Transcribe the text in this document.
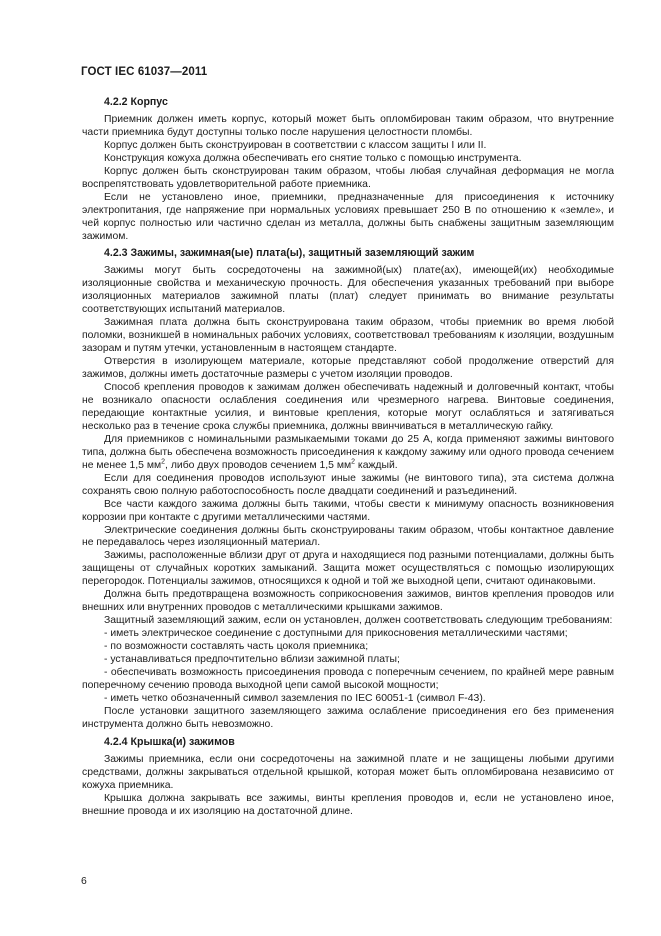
ГОСТ IEC 61037—2011
4.2.2 Корпус
Приемник должен иметь корпус, который может быть опломбирован таким образом, что внутренние части приемника будут доступны только после нарушения целостности пломбы.
Корпус должен быть сконструирован в соответствии с классом защиты I или II.
Конструкция кожуха должна обеспечивать его снятие только с помощью инструмента.
Корпус должен быть сконструирован таким образом, чтобы любая случайная деформация не могла воспрепятствовать удовлетворительной работе приемника.
Если не установлено иное, приемники, предназначенные для присоединения к источнику электропитания, где напряжение при нормальных условиях превышает 250 В по отношению к «земле», и чей корпус полностью или частично сделан из металла, должны быть снабжены защитным заземляющим зажимом.
4.2.3 Зажимы, зажимная(ые) плата(ы), защитный заземляющий зажим
Зажимы могут быть сосредоточены на зажимной(ых) плате(ах), имеющей(их) необходимые изоляционные свойства и механическую прочность. Для обеспечения указанных требований при выборе изоляционных материалов зажимной платы (плат) следует принимать во внимание результаты соответствующих испытаний материалов.
Зажимная плата должна быть сконструирована таким образом, чтобы приемник во время любой поломки, возникшей в номинальных рабочих условиях, соответствовал требованиям к изоляции, воздушным зазорам и путям утечки, установленным в настоящем стандарте.
Отверстия в изолирующем материале, которые представляют собой продолжение отверстий для зажимов, должны иметь достаточные размеры с учетом изоляции проводов.
Способ крепления проводов к зажимам должен обеспечивать надежный и долговечный контакт, чтобы не возникало опасности ослабления соединения или чрезмерного нагрева. Винтовые соединения, передающие контактные усилия, и винтовые крепления, которые могут ослабляться и затягиваться несколько раз в течение срока службы приемника, должны ввинчиваться в металлическую гайку.
Для приемников с номинальными размыкаемыми токами до 25 А, когда применяют зажимы винтового типа, должна быть обеспечена возможность присоединения к каждому зажиму или одного провода сечением не менее 1,5 $мм^2$, либо двух проводов сечением 1,5 $мм^2$ каждый.
Если для соединения проводов используют иные зажимы (не винтового типа), эта система должна сохранять свою полную работоспособность после двадцати соединений и разъединений.
Все части каждого зажима должны быть такими, чтобы свести к минимуму опасность возникновения коррозии при контакте с другими металлическими частями.
Электрические соединения должны быть сконструированы таким образом, чтобы контактное давление не передавалось через изоляционный материал.
Зажимы, расположенные вблизи друг от друга и находящиеся под разными потенциалами, должны быть защищены от случайных коротких замыканий. Защита может осуществляться с помощью изолирующих перегородок. Потенциалы зажимов, относящихся к одной и той же выходной цепи, считают одинаковыми.
Должна быть предотвращена возможность соприкосновения зажимов, винтов крепления проводов или внешних или внутренних проводов с металлическими крышками зажимов.
Защитный заземляющий зажим, если он установлен, должен соответствовать следующим требованиям:
- иметь электрическое соединение с доступными для прикосновения металлическими частями;
- по возможности составлять часть цоколя приемника;
- устанавливаться предпочтительно вблизи зажимной платы;
- обеспечивать возможность присоединения провода с поперечным сечением, по крайней мере равным поперечному сечению провода выходной цепи самой высокой мощности;
- иметь четко обозначенный символ заземления по IEC 60051-1 (символ F-43).
После установки защитного заземляющего зажима ослабление присоединения его без применения инструмента должно быть невозможно.
4.2.4 Крышка(и) зажимов
Зажимы приемника, если они сосредоточены на зажимной плате и не защищены любыми другими средствами, должны закрываться отдельной крышкой, которая может быть опломбирована независимо от кожуха приемника.
Крышка должна закрывать все зажимы, винты крепления проводов и, если не установлено иное, внешние провода и их изоляцию на достаточной длине.
6
